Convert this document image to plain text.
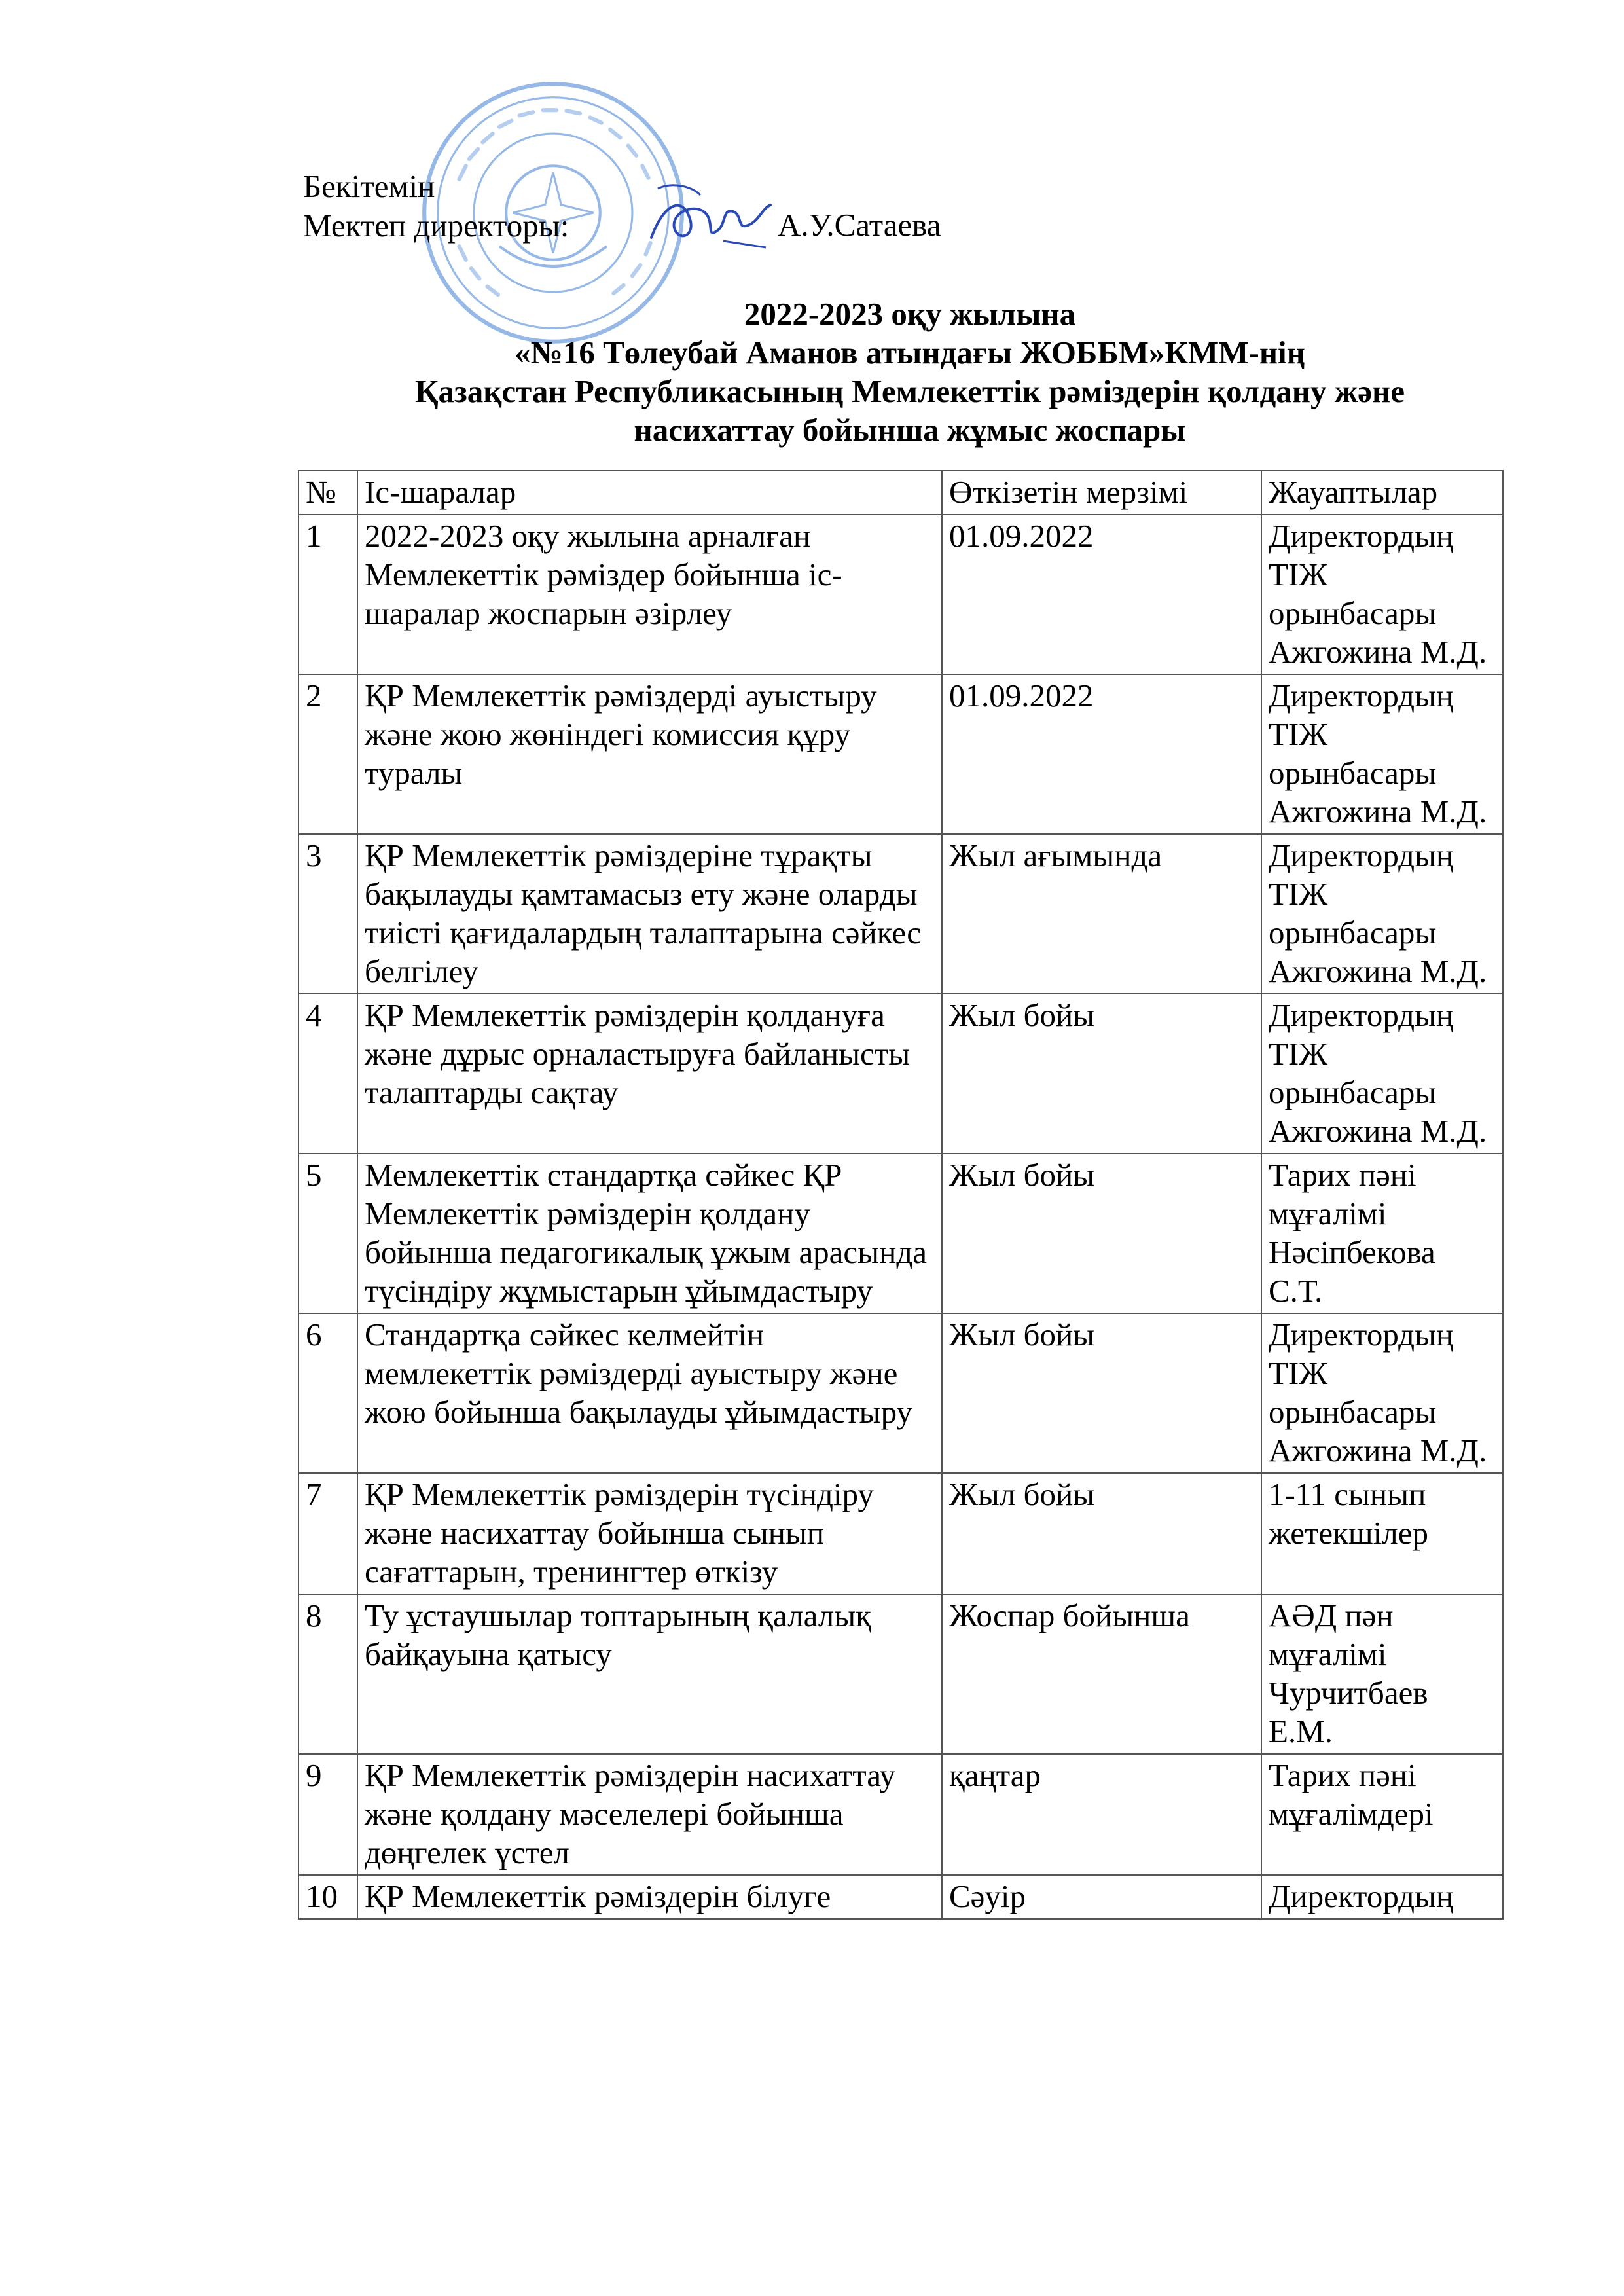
Бекітемін
Мектеп директоры:	А.У.Сатаева
2022-2023 оқу жылына
«№16 Төлеубай Аманов атындағы ЖОББМ»КММ-нің
Қазақстан Республикасының Мемлекеттік рәміздерін қолдану және
насихаттау бойынша жұмыс жоспары
№	Іс-шаралар	Өткізетін мерзімі	Жауаптылар
1	2022-2023 оқу жылына арналған Мемлекеттік рәміздер бойынша іс-шаралар жоспарын әзірлеу	01.09.2022	Директордың ТІЖ орынбасары Ажгожина М.Д.
2	ҚР Мемлекеттік рәміздерді ауыстыру және жою жөніндегі комиссия құру туралы	01.09.2022	Директордың ТІЖ орынбасары Ажгожина М.Д.
3	ҚР Мемлекеттік рәміздеріне тұрақты бақылауды қамтамасыз ету және оларды тиісті қағидалардың талаптарына сәйкес белгілеу	Жыл ағымында	Директордың ТІЖ орынбасары Ажгожина М.Д.
4	ҚР Мемлекеттік рәміздерін қолдануға және дұрыс орналастыруға байланысты талаптарды сақтау	Жыл бойы	Директордың ТІЖ орынбасары Ажгожина М.Д.
5	Мемлекеттік стандартқа сәйкес ҚР Мемлекеттік рәміздерін қолдану бойынша педагогикалық ұжым арасында түсіндіру жұмыстарын ұйымдастыру	Жыл бойы	Тарих пәні мұғалімі Нәсіпбекова С.Т.
6	Стандартқа сәйкес келмейтін мемлекеттік рәміздерді ауыстыру және жою бойынша бақылауды ұйымдастыру	Жыл бойы	Директордың ТІЖ орынбасары Ажгожина М.Д.
7	ҚР Мемлекеттік рәміздерін түсіндіру және насихаттау бойынша сынып сағаттарын, тренингтер өткізу	Жыл бойы	1-11 сынып жетекшілер
8	Ту ұстаушылар топтарының қалалық байқауына қатысу	Жоспар бойынша	АӘД пән мұғалімі Чурчитбаев Е.М.
9	ҚР Мемлекеттік рәміздерін насихаттау және қолдану мәселелері бойынша дөңгелек үстел	қаңтар	Тарих пәні мұғалімдері
10	ҚР Мемлекеттік рәміздерін білуге	Сәуір	Директордың
